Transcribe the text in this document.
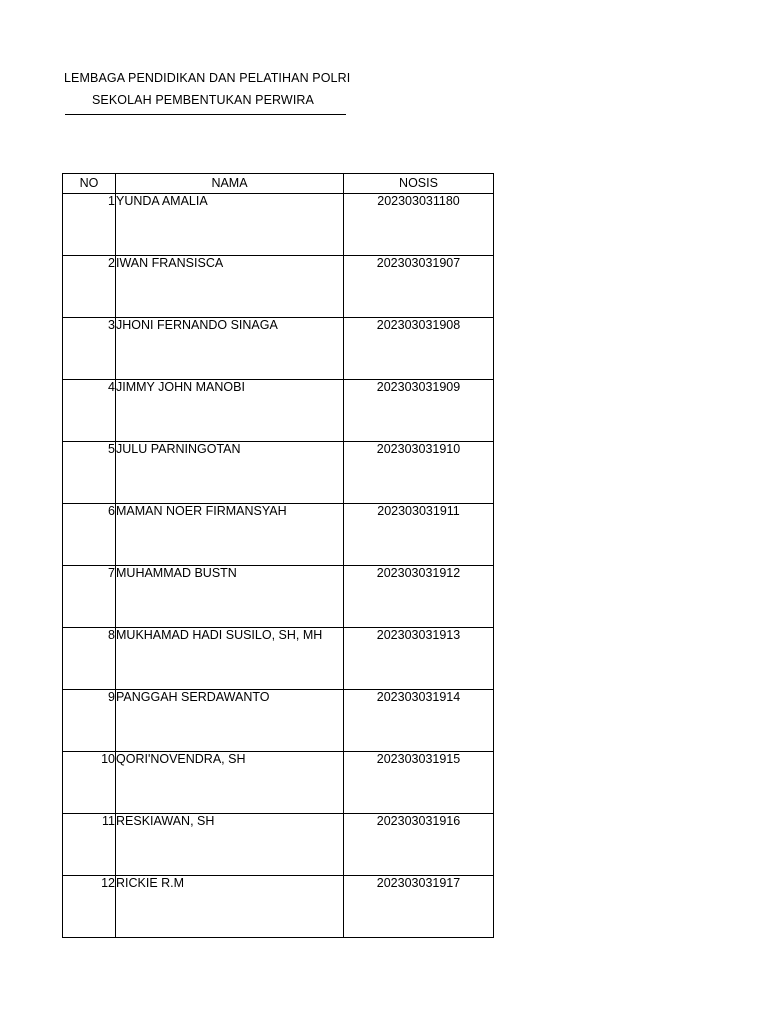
LEMBAGA PENDIDIKAN DAN PELATIHAN POLRI
SEKOLAH PEMBENTUKAN PERWIRA
NO	NAMA	NOSIS
1	YUNDA AMALIA	202303031180
2	IWAN FRANSISCA	202303031907
3	JHONI FERNANDO SINAGA	202303031908
4	JIMMY JOHN MANOBI	202303031909
5	JULU PARNINGOTAN	202303031910
6	MAMAN NOER FIRMANSYAH	202303031911
7	MUHAMMAD BUSTN	202303031912
8	MUKHAMAD HADI SUSILO, SH, MH	202303031913
9	PANGGAH SERDAWANTO	202303031914
10	QORI'NOVENDRA, SH	202303031915
11	RESKIAWAN, SH	202303031916
12	RICKIE R.M	202303031917
